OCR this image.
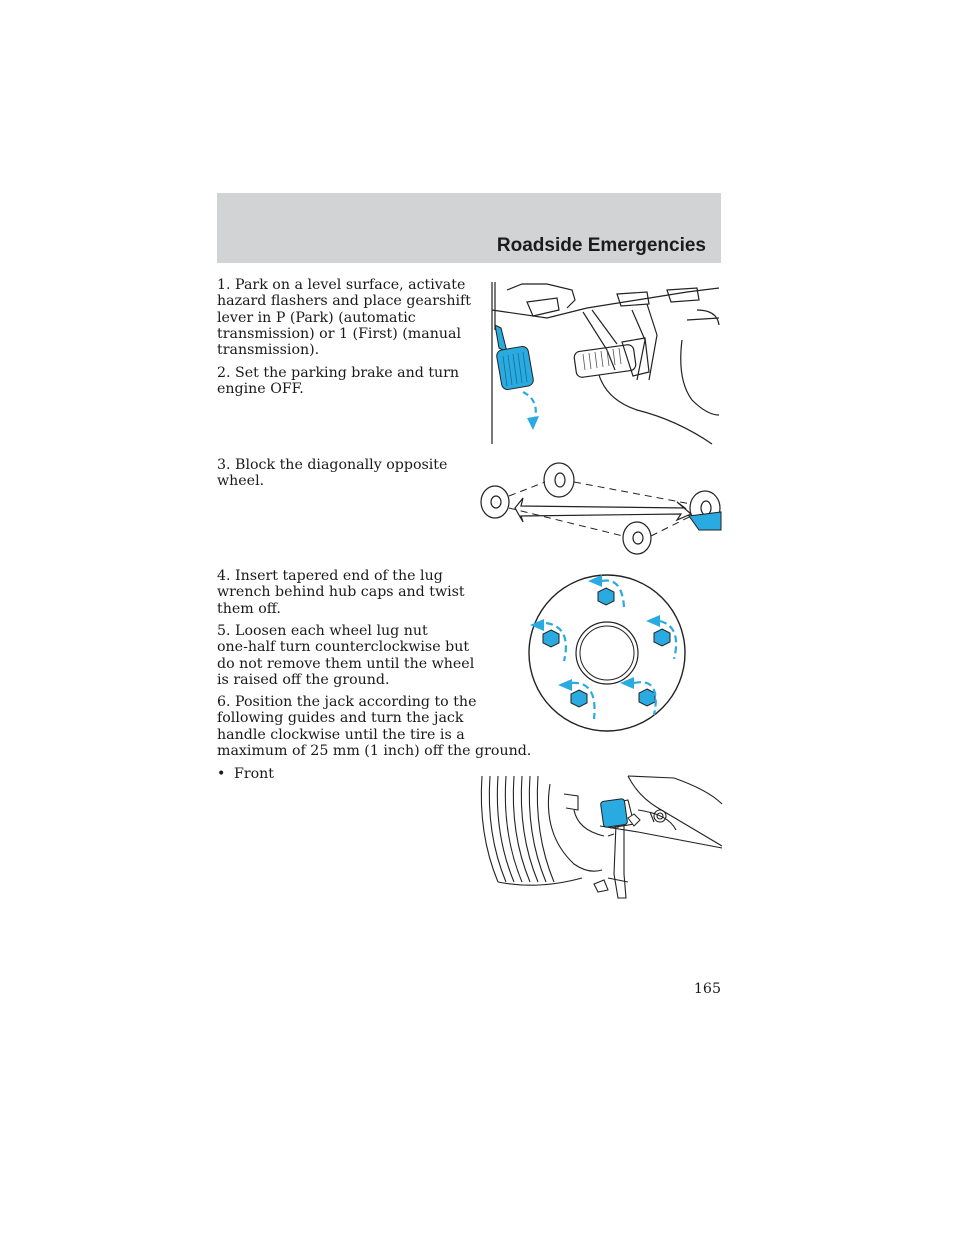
Roadside Emergencies

1. Park on a level surface, activate
hazard flashers and place gearshift
lever in P (Park) (automatic
transmission) or 1 (First) (manual
transmission).

2. Set the parking brake and turn
engine OFF.

3. Block the diagonally opposite
wheel.

4. Insert tapered end of the lug
wrench behind hub caps and twist
them off.

5. Loosen each wheel lug nut
one-half turn counterclockwise but
do not remove them until the wheel
is raised off the ground.

6. Position the jack according to the
following guides and turn the jack
handle clockwise until the tire is a
maximum of 25 mm (1 inch) off the ground.

• Front
165
